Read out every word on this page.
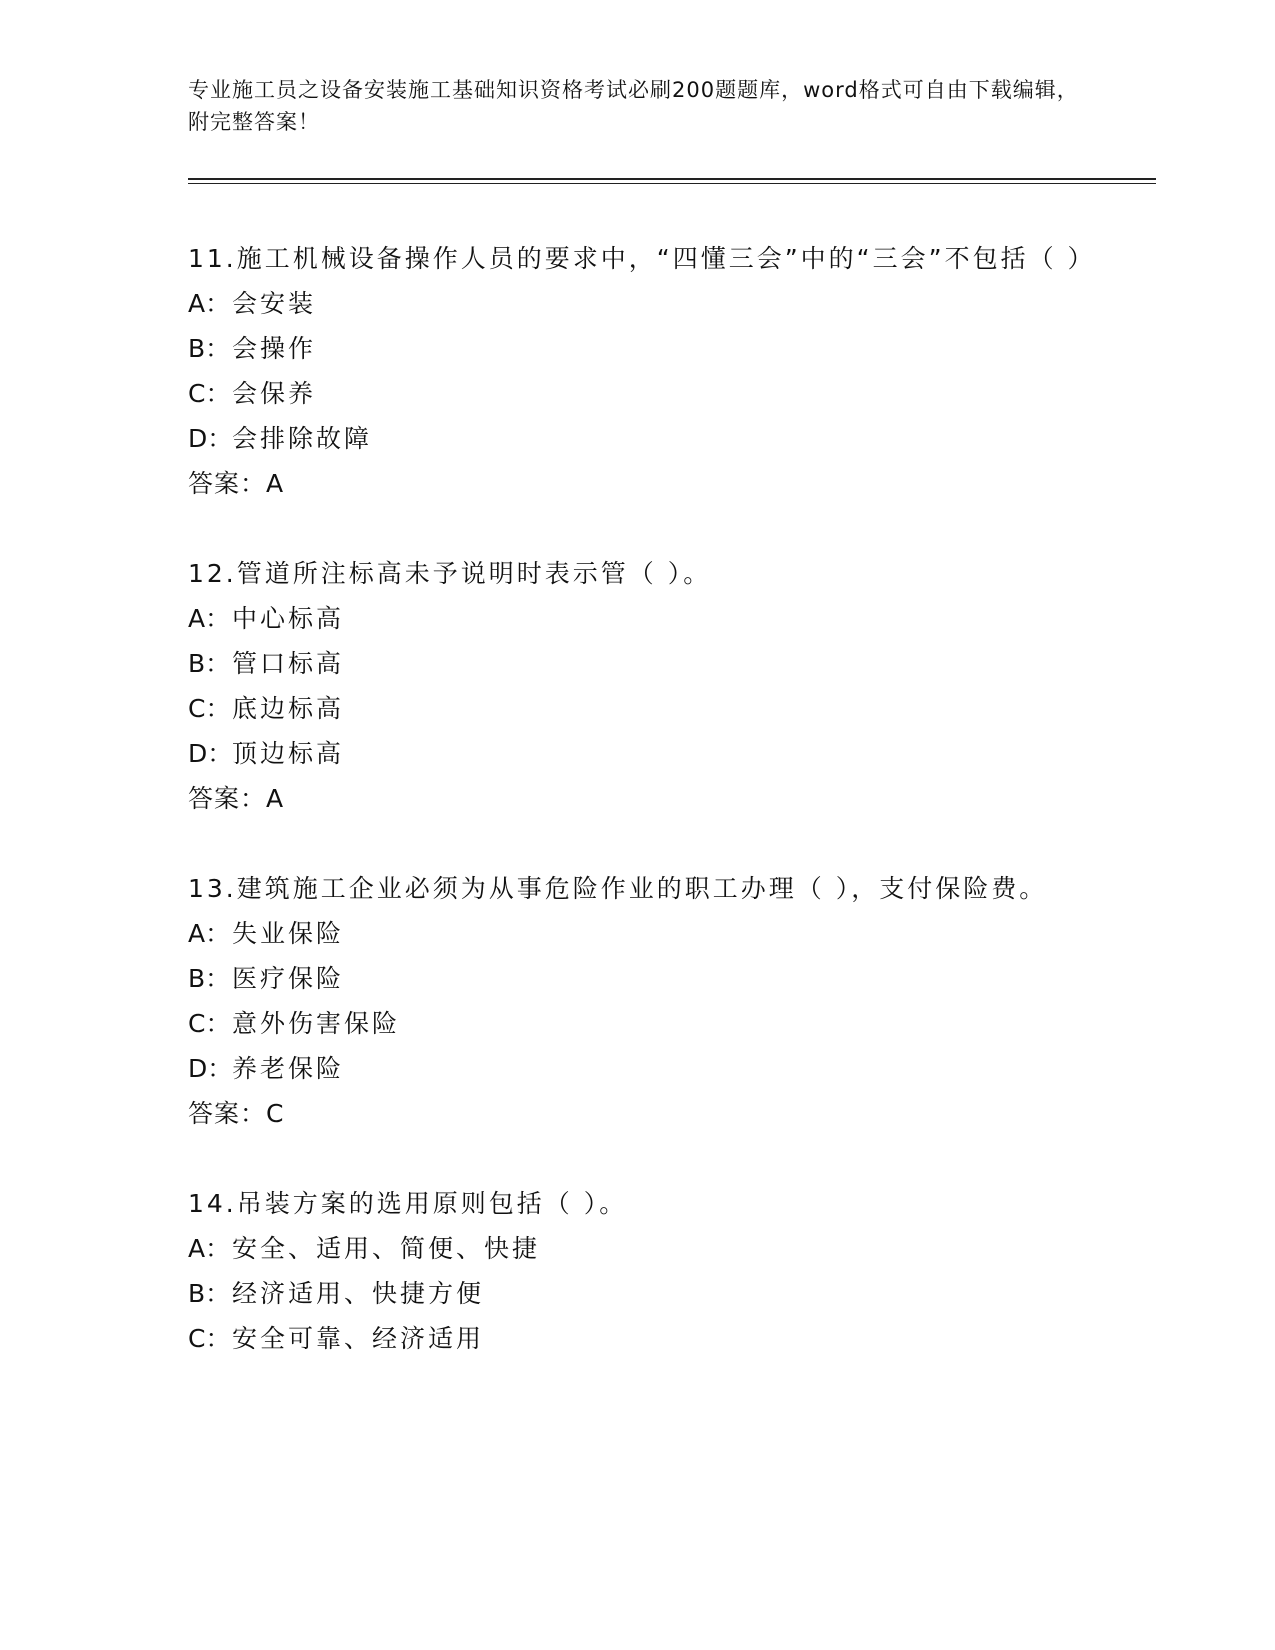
专业施工员之设备安装施工基础知识资格考试必刷200题题库，word格式可自由下载编辑，附完整答案！
11.施工机械设备操作人员的要求中，“四懂三会”中的“三会”不包括（ ）
A：会安装
B：会操作
C：会保养
D：会排除故障
答案：A
12.管道所注标高未予说明时表示管（ ）。
A：中心标高
B：管口标高
C：底边标高
D：顶边标高
答案：A
13.建筑施工企业必须为从事危险作业的职工办理（ ），支付保险费。
A：失业保险
B：医疗保险
C：意外伤害保险
D：养老保险
答案：C
14.吊装方案的选用原则包括（ ）。
A：安全、适用、简便、快捷
B：经济适用、快捷方便
C：安全可靠、经济适用
